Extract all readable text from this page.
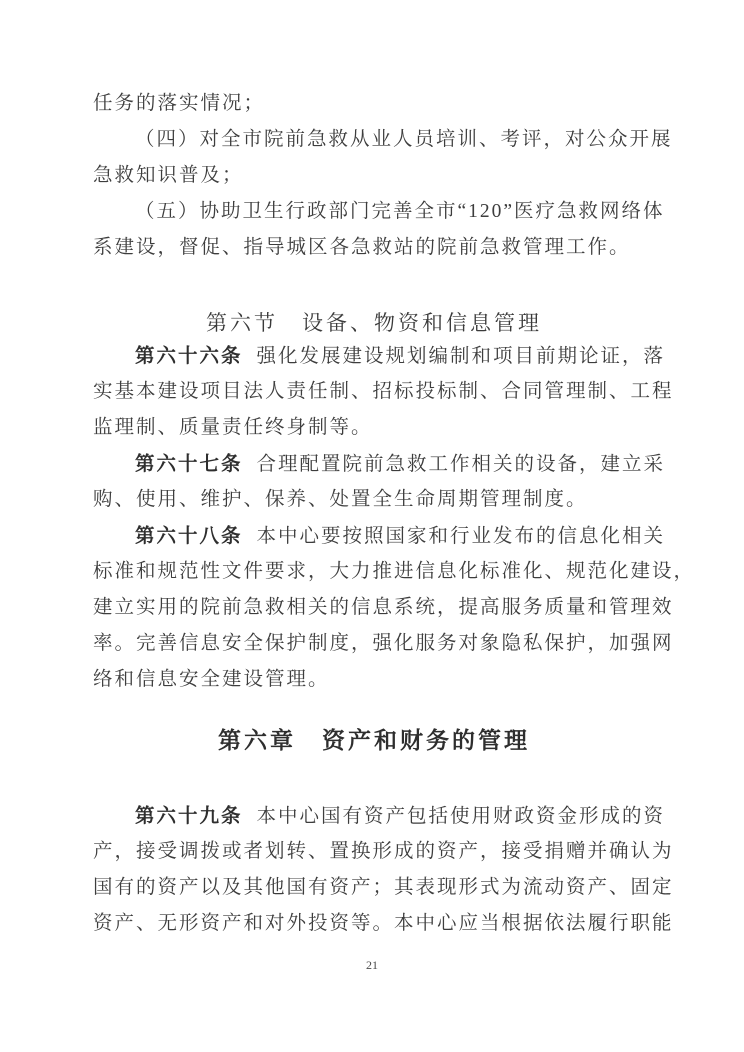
任务的落实情况；
（四）对全市院前急救从业人员培训、考评，对公众开展
急救知识普及；
（五）协助卫生行政部门完善全市“120”医疗急救网络体
系建设，督促、指导城区各急救站的院前急救管理工作。
第六节　设备、物资和信息管理
第六十六条 强化发展建设规划编制和项目前期论证，落
实基本建设项目法人责任制、招标投标制、合同管理制、工程
监理制、质量责任终身制等。
第六十七条 合理配置院前急救工作相关的设备，建立采
购、使用、维护、保养、处置全生命周期管理制度。
第六十八条 本中心要按照国家和行业发布的信息化相关
标准和规范性文件要求，大力推进信息化标准化、规范化建设，
建立实用的院前急救相关的信息系统，提高服务质量和管理效
率。完善信息安全保护制度，强化服务对象隐私保护，加强网
络和信息安全建设管理。
第六章　资产和财务的管理
第六十九条 本中心国有资产包括使用财政资金形成的资
产，接受调拨或者划转、置换形成的资产，接受捐赠并确认为
国有的资产以及其他国有资产；其表现形式为流动资产、固定
资产、无形资产和对外投资等。本中心应当根据依法履行职能
21
